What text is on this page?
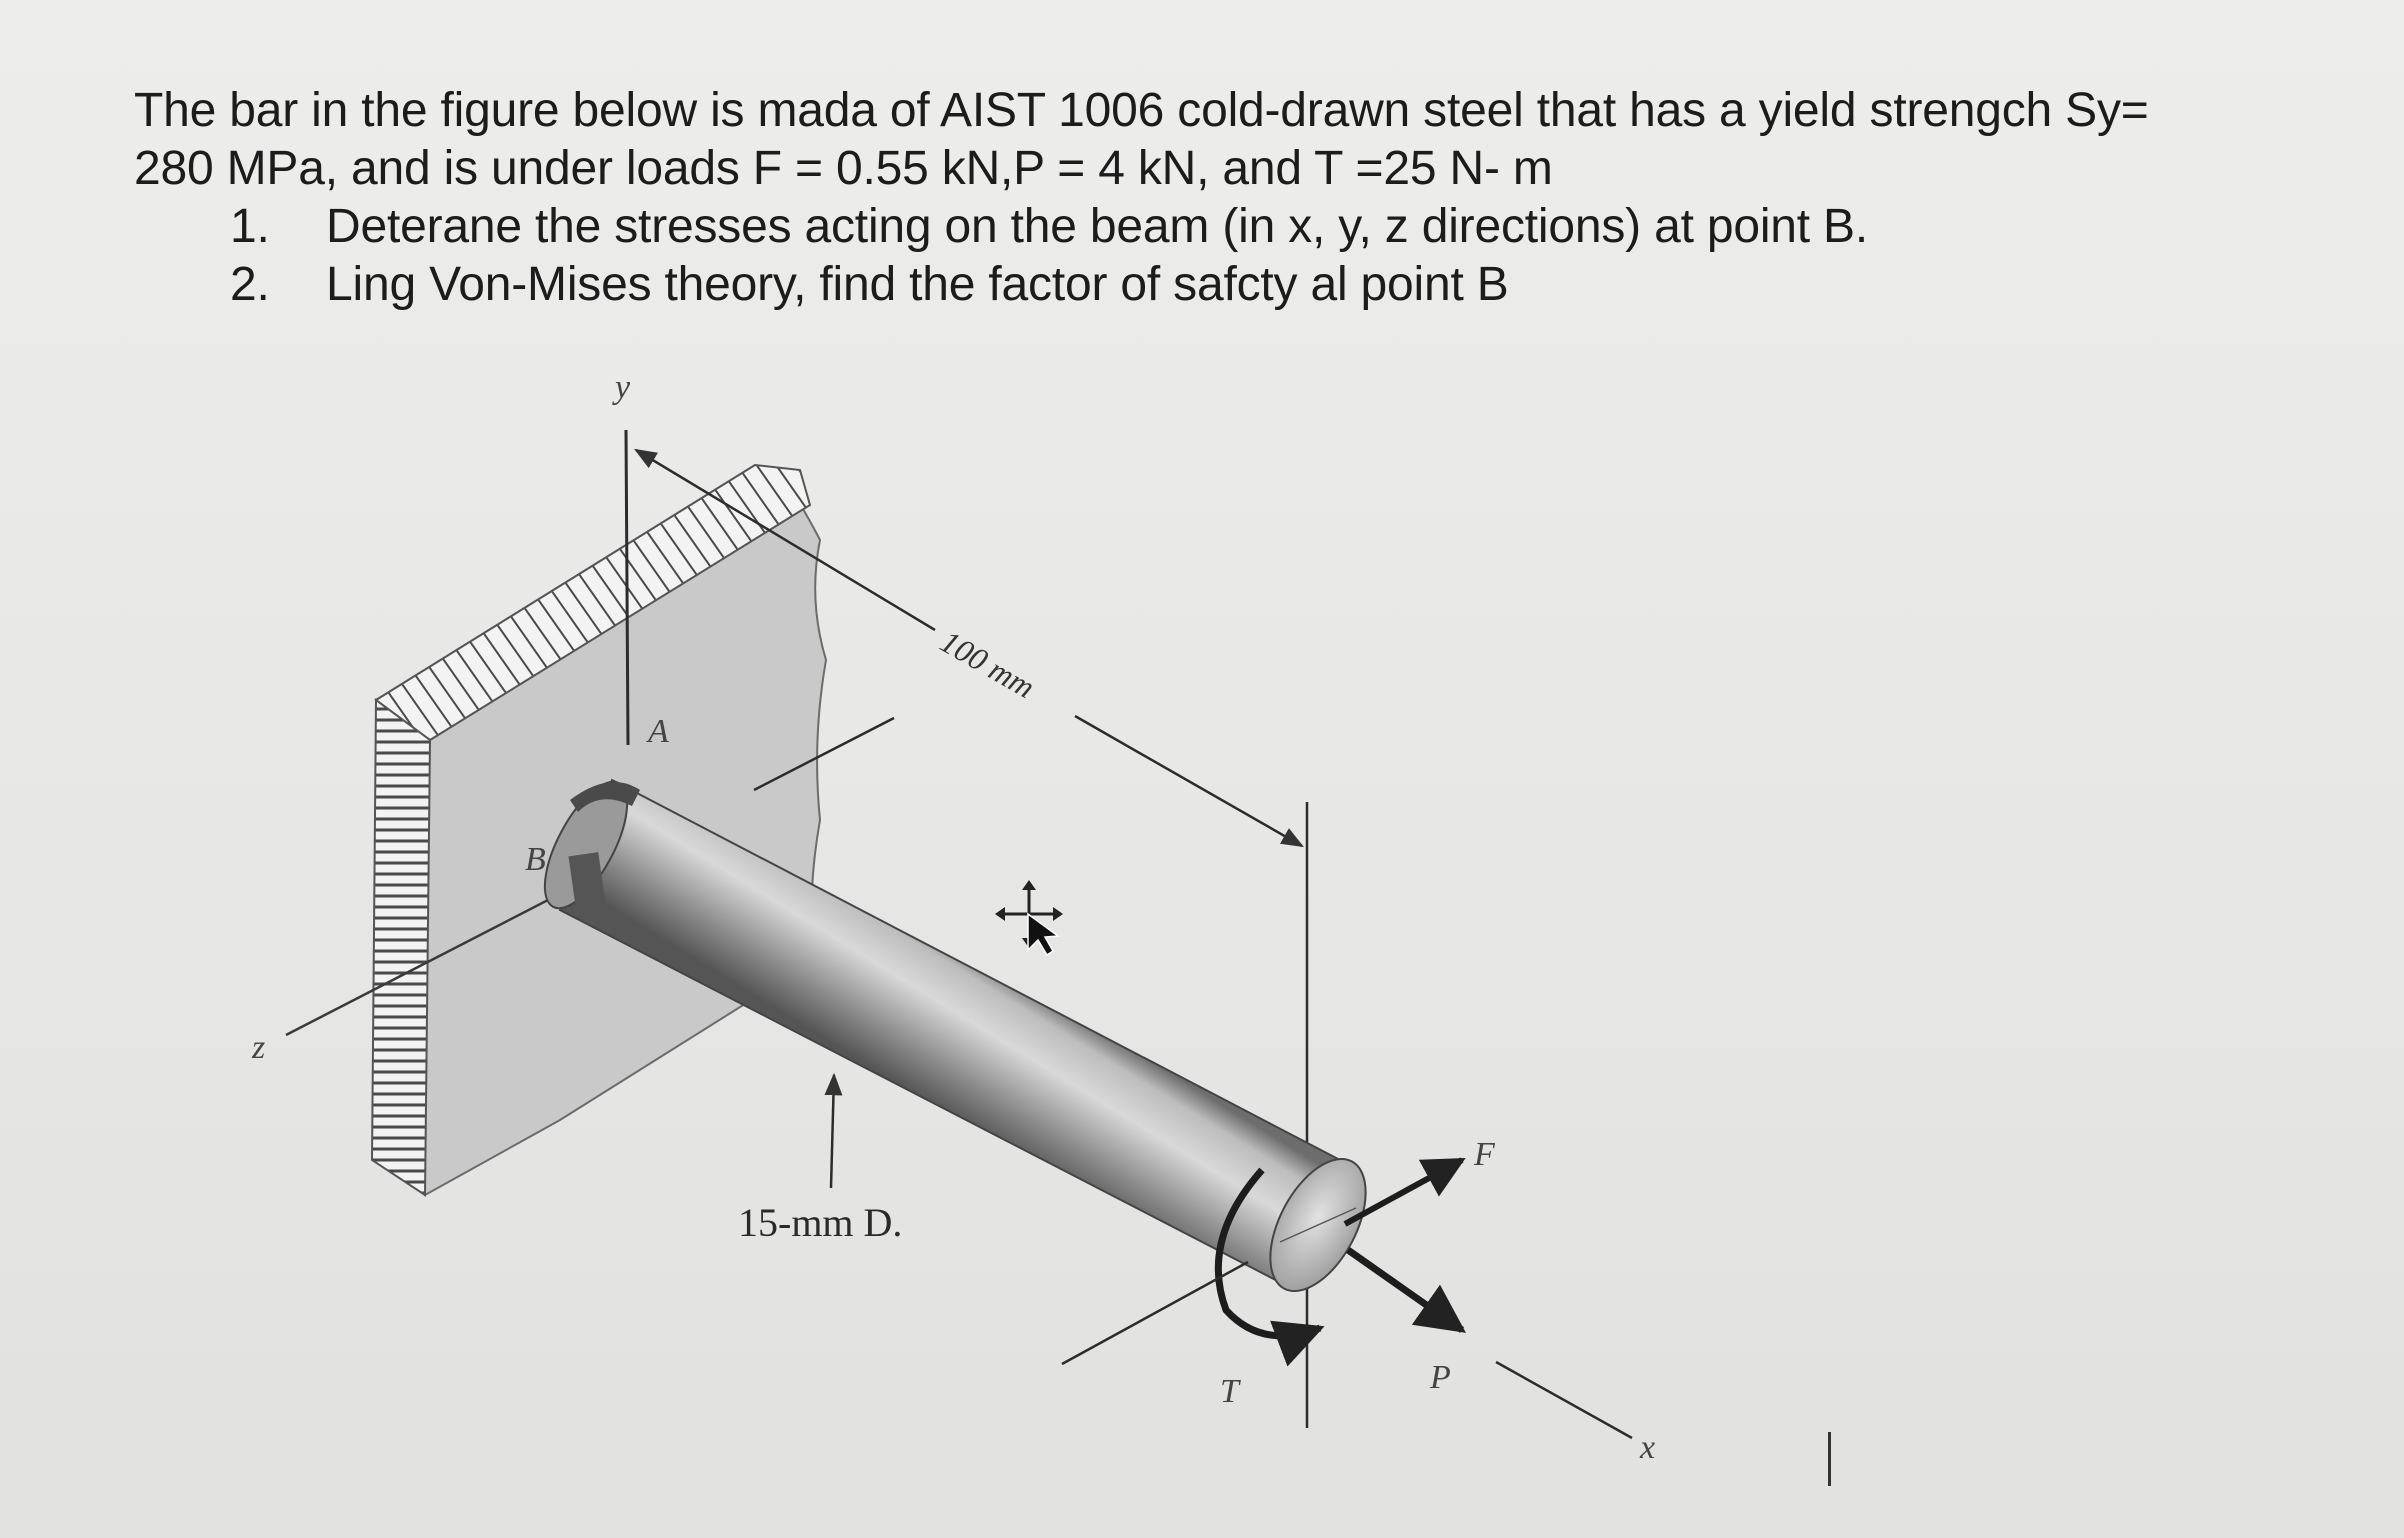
The bar in the figure below is mada of AIST 1006 cold-drawn steel that has a yield strengch Sy=

280 MPa, and is under loads F = 0.55 kN,P = 4 kN, and T =25 N- m

1.	Deterane the stresses acting on the beam (in x, y, z directions) at point B.
2.	Ling Von-Mises theory, find the factor of safcty al point B
y
z
100 mm
A
B
15-mm D.
F
P
T
x
